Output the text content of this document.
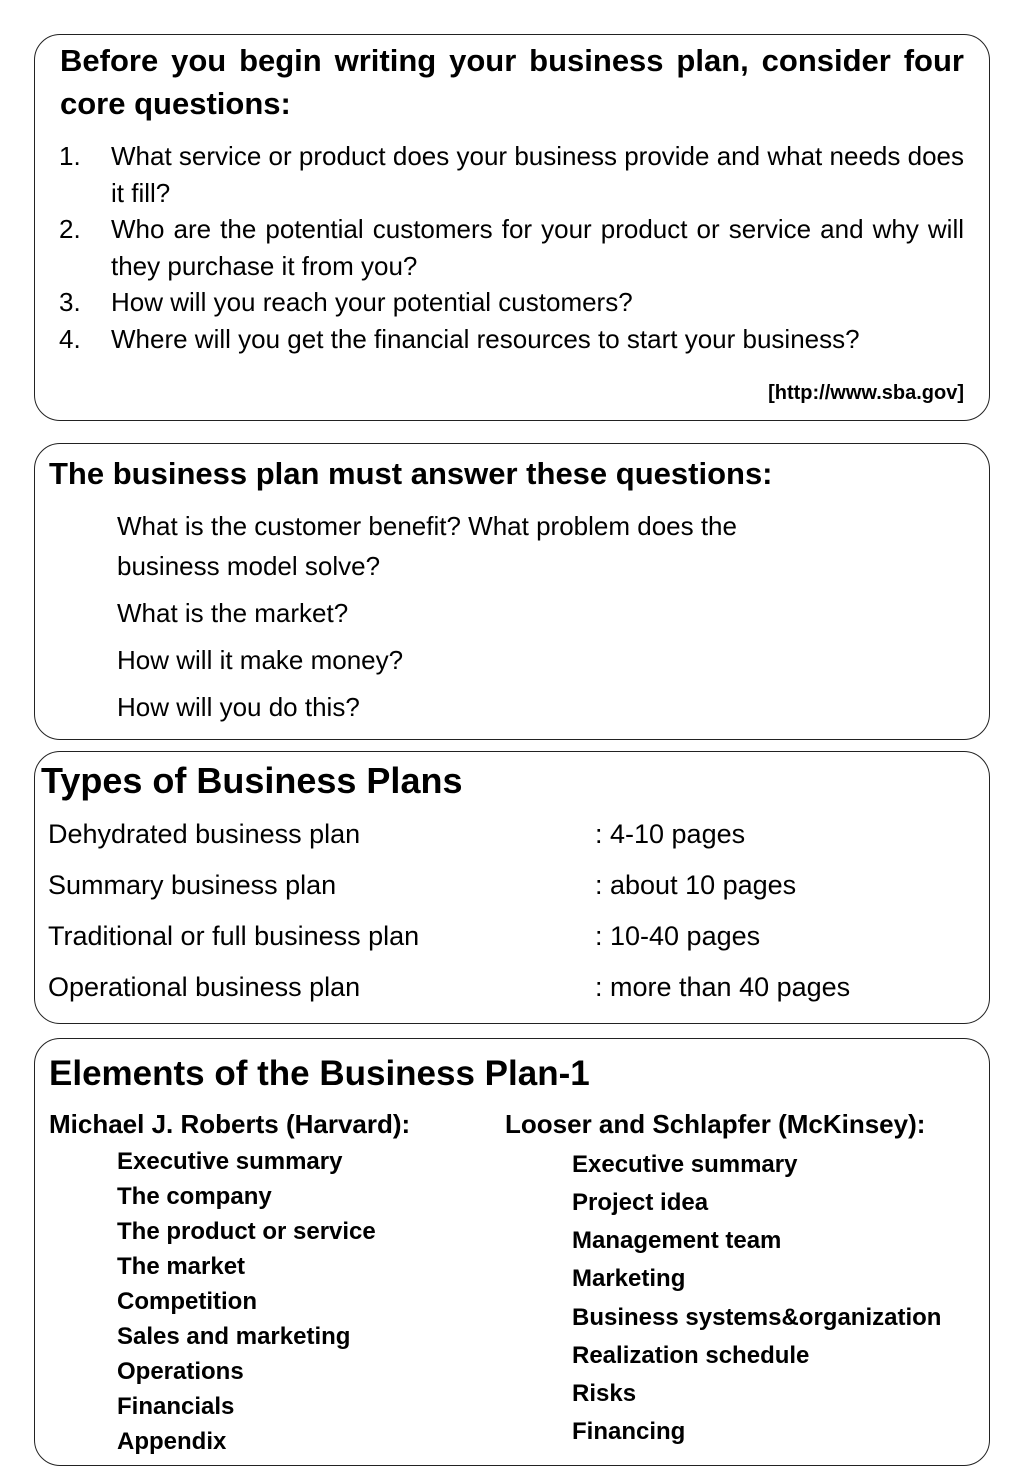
Before you begin writing your business plan, consider four core questions:
1. What service or product does your business provide and what needs does it fill?
2. Who are the potential customers for your product or service and why will they purchase it from you?
3. How will you reach your potential customers?
4. Where will you get the financial resources to start your business?
[http://www.sba.gov]
The business plan must answer these questions:
What is the customer benefit? What problem does the
business model solve?
What is the market?
How will it make money?
How will you do this?
Types of Business Plans
Dehydrated business plan	: 4-10 pages
Summary business plan	: about 10 pages
Traditional or full business plan	: 10-40 pages
Operational business plan	: more than 40 pages
Elements of the Business Plan-1
Michael J. Roberts (Harvard):
Executive summary
The company
The product or service
The market
Competition
Sales and marketing
Operations
Financials
Appendix
Looser and Schlapfer (McKinsey):
Executive summary
Project idea
Management team
Marketing
Business systems&organization
Realization schedule
Risks
Financing
